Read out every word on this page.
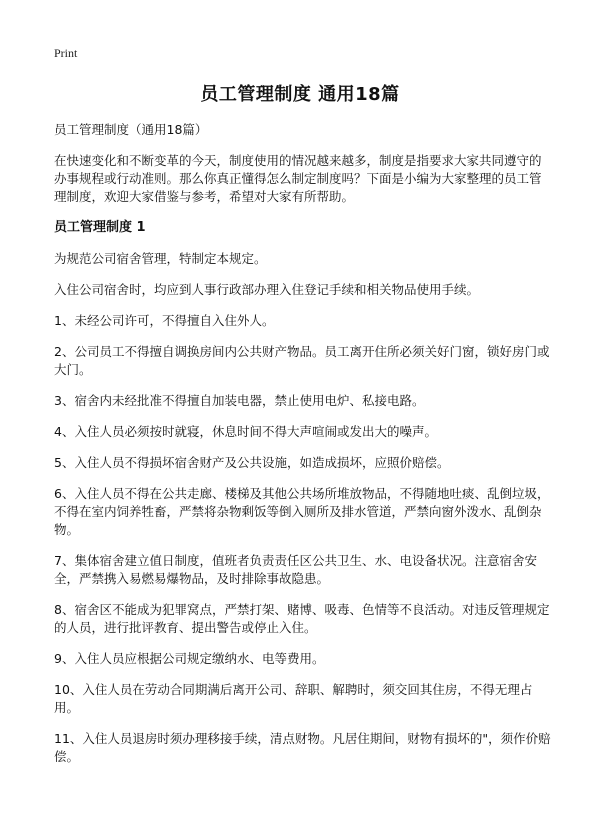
Print
员工管理制度 通用18篇

员工管理制度（通用18篇）

在快速变化和不断变革的今天，制度使用的情况越来越多，制度是指要求大家共同遵守的办事规程或行动准则。那么你真正懂得怎么制定制度吗？下面是小编为大家整理的员工管理制度，欢迎大家借鉴与参考，希望对大家有所帮助。

员工管理制度 1

为规范公司宿舍管理，特制定本规定。

入住公司宿舍时，均应到人事行政部办理入住登记手续和相关物品使用手续。

1、未经公司许可，不得擅自入住外人。

2、公司员工不得擅自调换房间内公共财产物品。员工离开住所必须关好门窗，锁好房门或大门。

3、宿舍内未经批准不得擅自加装电器，禁止使用电炉、私接电路。

4、入住人员必须按时就寝，休息时间不得大声喧闹或发出大的噪声。

5、入住人员不得损坏宿舍财产及公共设施，如造成损坏，应照价赔偿。

6、入住人员不得在公共走廊、楼梯及其他公共场所堆放物品，不得随地吐痰、乱倒垃圾，不得在室内饲养牲畜，严禁将杂物剩饭等倒入厕所及排水管道，严禁向窗外泼水、乱倒杂物。

7、集体宿舍建立值日制度，值班者负责责任区公共卫生、水、电设备状况。注意宿舍安全，严禁携入易燃易爆物品，及时排除事故隐患。

8、宿舍区不能成为犯罪窝点，严禁打架、赌博、吸毒、色情等不良活动。对违反管理规定的人员，进行批评教育、提出警告或停止入住。

9、入住人员应根据公司规定缴纳水、电等费用。

10、入住人员在劳动合同期满后离开公司、辞职、解聘时，须交回其住房，不得无理占用。

11、入住人员退房时须办理移接手续，清点财物。凡居住期间，财物有损坏的"，须作价赔偿。
